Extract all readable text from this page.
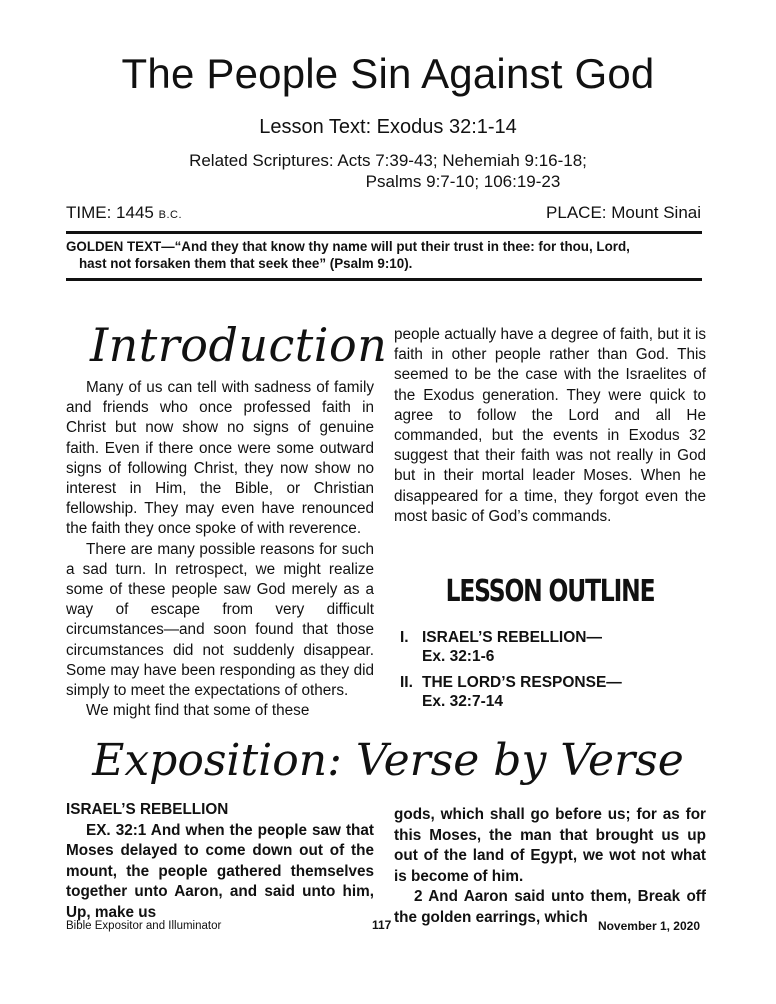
The People Sin Against God
Lesson Text: Exodus 32:1-14
Related Scriptures: Acts 7:39-43; Nehemiah 9:16-18;
Psalms 9:7-10; 106:19-23
TIME: 1445 B.C.	PLACE: Mount Sinai
GOLDEN TEXT—“And they that know thy name will put their trust in thee: for thou, Lord,
hast not forsaken them that seek thee” (Psalm 9:10).
Introduction

Many of us can tell with sadness of family and friends who once professed faith in Christ but now show no signs of genuine faith. Even if there once were some outward signs of following Christ, they now show no interest in Him, the Bible, or Christian fellowship. They may even have renounced the faith they once spoke of with reverence.

There are many possible reasons for such a sad turn. In retrospect, we might realize some of these people saw God merely as a way of escape from very difficult circumstances—and soon found that those circumstances did not suddenly disappear. Some may have been responding as they did simply to meet the expectations of others.

We might find that some of these

people actually have a degree of faith, but it is faith in other people rather than God. This seemed to be the case with the Israelites of the Exodus generation. They were quick to agree to follow the Lord and all He commanded, but the events in Exodus 32 suggest that their faith was not really in God but in their mortal leader Moses. When he disappeared for a time, they forgot even the most basic of God’s commands.

LESSON OUTLINE
I. ISRAEL’S REBELLION—
Ex. 32:1-6
II. THE LORD’S RESPONSE—
Ex. 32:7-14
Exposition: Verse by Verse
ISRAEL’S REBELLION

EX. 32:1 And when the people saw that Moses delayed to come down out of the mount, the people gathered themselves together unto Aaron, and said unto him, Up, make us

gods, which shall go before us; for as for this Moses, the man that brought us up out of the land of Egypt, we wot not what is become of him.

2 And Aaron said unto them, Break off the golden earrings, which

Bible Expositor and Illuminator	117	November 1, 2020
